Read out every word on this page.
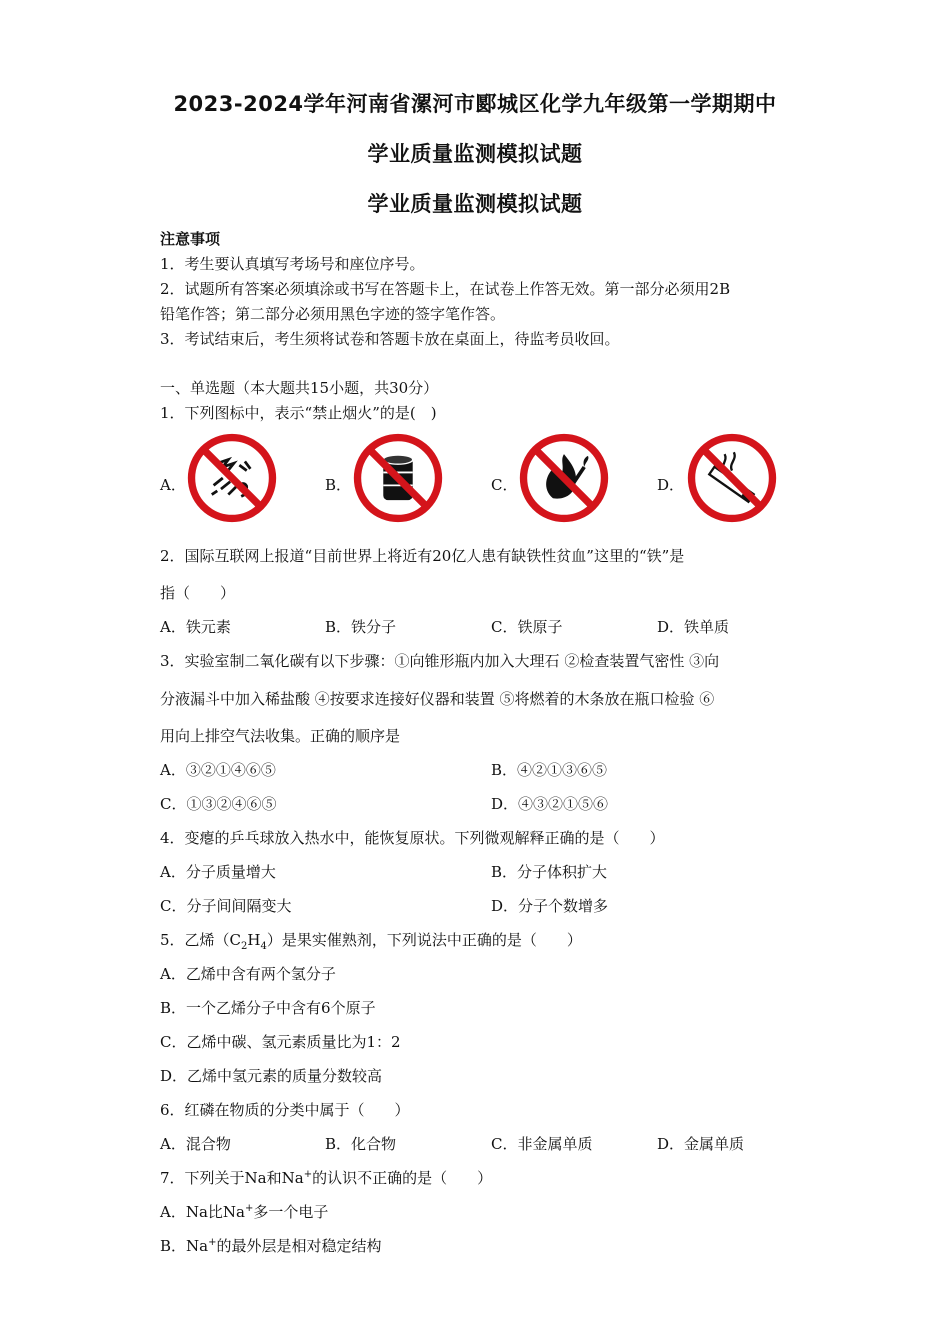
2023-2024学年河南省漯河市郾城区化学九年级第一学期期中
学业质量监测模拟试题
学业质量监测模拟试题
注意事项
1．考生要认真填写考场号和座位序号。
2．试题所有答案必须填涂或书写在答题卡上，在试卷上作答无效。第一部分必须用2B
铅笔作答；第二部分必须用黑色字迹的签字笔作答。
3．考试结束后，考生须将试卷和答题卡放在桌面上，待监考员收回。
一、单选题（本大题共15小题，共30分）
1．下列图标中，表示“禁止烟火”的是(　)
A．	B．	C．	D．
2．国际互联网上报道“目前世界上将近有20亿人患有缺铁性贫血”这里的“铁”是
指（　　）
A．铁元素	B．铁分子	C．铁原子	D．铁单质
3．实验室制二氧化碳有以下步骤：①向锥形瓶内加入大理石 ②检查装置气密性 ③向
分液漏斗中加入稀盐酸 ④按要求连接好仪器和装置 ⑤将燃着的木条放在瓶口检验 ⑥
用向上排空气法收集。正确的顺序是
A．③②①④⑥⑤	B．④②①③⑥⑤
C．①③②④⑥⑤	D．④③②①⑤⑥
4．变瘪的乒乓球放入热水中，能恢复原状。下列微观解释正确的是（　　）
A．分子质量增大	B．分子体积扩大
C．分子间间隔变大	D．分子个数增多
5．乙烯$(C_2H_4)$是果实催熟剂，下列说法中正确的是（　　）
A．乙烯中含有两个氢分子
B．一个乙烯分子中含有6个原子
C．乙烯中碳、氢元素质量比为1：2
D．乙烯中氢元素的质量分数较高
6．红磷在物质的分类中属于（　　）
A．混合物	B．化合物	C．非金属单质	D．金属单质
7．下列关于Na和Na+的认识不正确的是（　　）
A．Na比Na+多一个电子
B．Na+的最外层是相对稳定结构
